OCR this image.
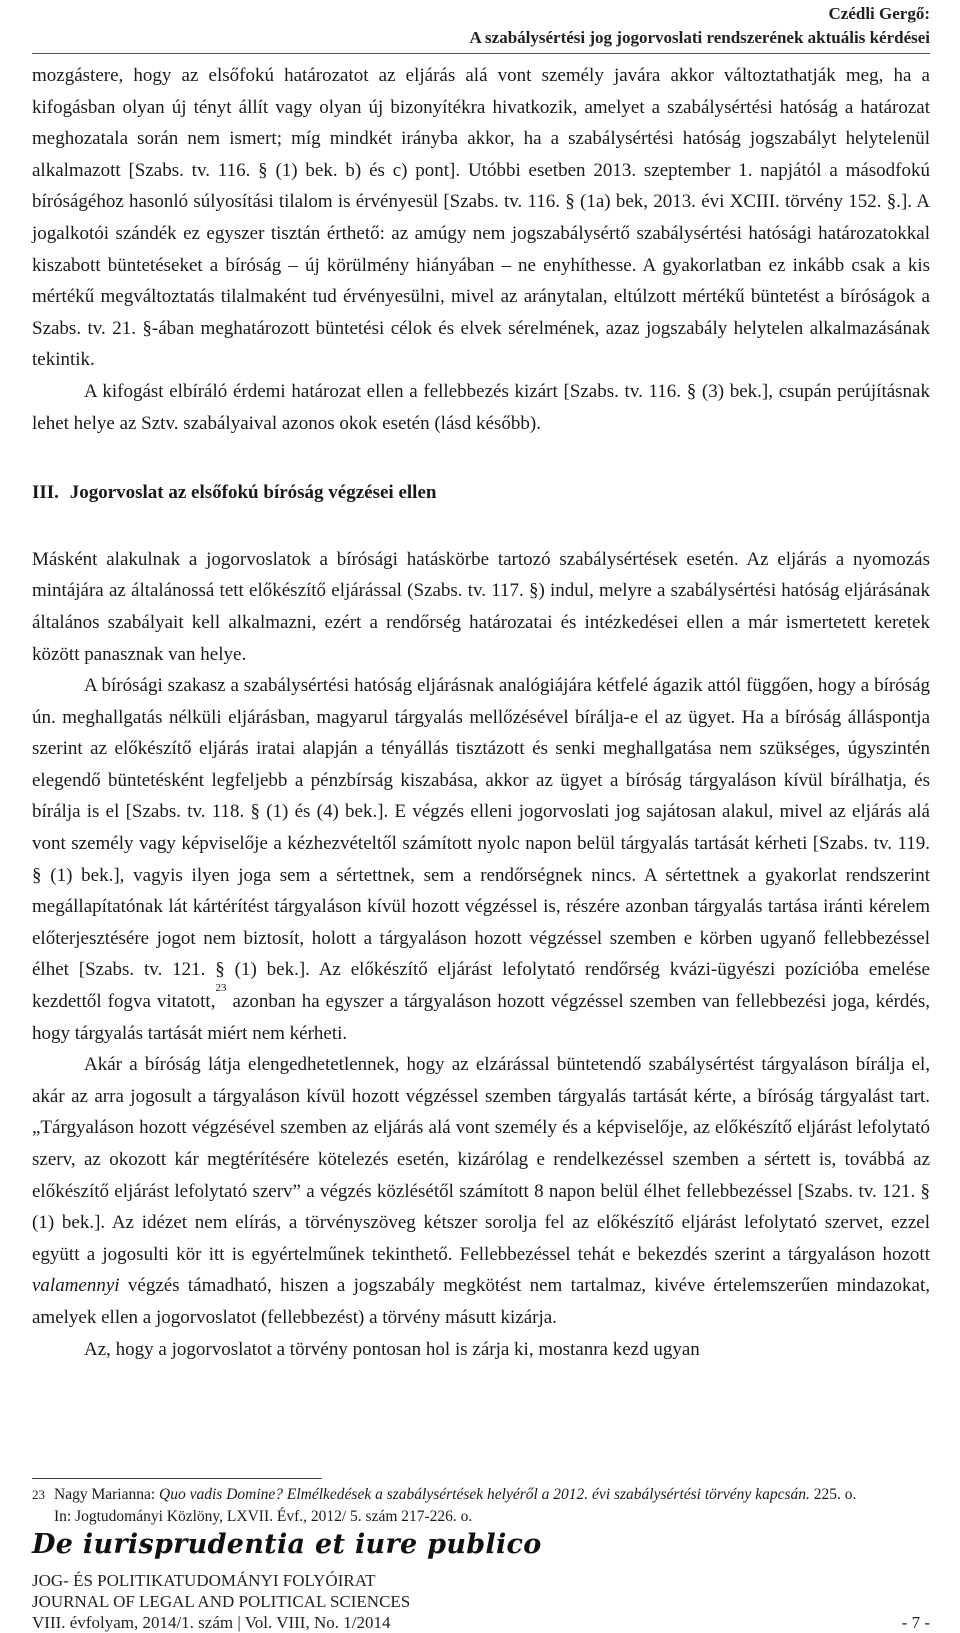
Czédli Gergő:
A szabálysértési jog jogorvoslati rendszerének aktuális kérdései

mozgástere, hogy az elsőfokú határozatot az eljárás alá vont személy javára akkor változtathatják meg, ha a kifogásban olyan új tényt állít vagy olyan új bizonyítékra hivatkozik, amelyet a szabálysértési hatóság a határozat meghozatala során nem ismert; míg mindkét irányba akkor, ha a szabálysértési hatóság jogszabályt helytelenül alkalmazott [Szabs. tv. 116. § (1) bek. b) és c) pont]. Utóbbi esetben 2013. szeptember 1. napjától a másodfokú bíróságéhoz hasonló súlyosítási tilalom is érvényesül [Szabs. tv. 116. § (1a) bek, 2013. évi XCIII. törvény 152. §.]. A jogalkotói szándék ez egyszer tisztán érthető: az amúgy nem jogszabálysértő szabálysértési hatósági határozatokkal kiszabott büntetéseket a bíróság – új körülmény hiányában – ne enyhíthesse. A gyakorlatban ez inkább csak a kis mértékű megváltoztatás tilalmaként tud érvényesülni, mivel az aránytalan, eltúlzott mértékű büntetést a bíróságok a Szabs. tv. 21. §-ában meghatározott büntetési célok és elvek sérelmének, azaz jogszabály helytelen alkalmazásának tekintik.

A kifogást elbíráló érdemi határozat ellen a fellebbezés kizárt [Szabs. tv. 116. § (3) bek.], csupán perújításnak lehet helye az Sztv. szabályaival azonos okok esetén (lásd később).

III. Jogorvoslat az elsőfokú bíróság végzései ellen

Másként alakulnak a jogorvoslatok a bírósági hatáskörbe tartozó szabálysértések esetén. Az eljárás a nyomozás mintájára az általánossá tett előkészítő eljárással (Szabs. tv. 117. §) indul, melyre a szabálysértési hatóság eljárásának általános szabályait kell alkalmazni, ezért a rendőrség határozatai és intézkedései ellen a már ismertetett keretek között panasznak van helye.

A bírósági szakasz a szabálysértési hatóság eljárásnak analógiájára kétfelé ágazik attól függően, hogy a bíróság ún. meghallgatás nélküli eljárásban, magyarul tárgyalás mellőzésével bírálja-e el az ügyet. Ha a bíróság álláspontja szerint az előkészítő eljárás iratai alapján a tényállás tisztázott és senki meghallgatása nem szükséges, úgyszintén elegendő büntetésként legfeljebb a pénzbírság kiszabása, akkor az ügyet a bíróság tárgyaláson kívül bírálhatja, és bírálja is el [Szabs. tv. 118. § (1) és (4) bek.]. E végzés elleni jogorvoslati jog sajátosan alakul, mivel az eljárás alá vont személy vagy képviselője a kézhezvételtől számított nyolc napon belül tárgyalás tartását kérheti [Szabs. tv. 119. § (1) bek.], vagyis ilyen joga sem a sértettnek, sem a rendőrségnek nincs. A sértettnek a gyakorlat rendszerint megállapítatónak lát kártérítést tárgyaláson kívül hozott végzéssel is, részére azonban tárgyalás tartása iránti kérelem előterjesztésére jogot nem biztosít, holott a tárgyaláson hozott végzéssel szemben e körben ugyanő fellebbezéssel élhet [Szabs. tv. 121. § (1) bek.]. Az előkészítő eljárást lefolytató rendőrség kvázi-ügyészi pozícióba emelése kezdettől fogva vitatott,$^{23}$ azonban ha egyszer a tárgyaláson hozott végzéssel szemben van fellebbezési joga, kérdés, hogy tárgyalás tartását miért nem kérheti.

Akár a bíróság látja elengedhetetlennek, hogy az elzárással büntetendő szabálysértést tárgyaláson bírálja el, akár az arra jogosult a tárgyaláson kívül hozott végzéssel szemben tárgyalás tartását kérte, a bíróság tárgyalást tart. „Tárgyaláson hozott végzésével szemben az eljárás alá vont személy és a képviselője, az előkészítő eljárást lefolytató szerv, az okozott kár megtérítésére kötelezés esetén, kizárólag e rendelkezéssel szemben a sértett is, továbbá az előkészítő eljárást lefolytató szerv” a végzés közlésétől számított 8 napon belül élhet fellebbezéssel [Szabs. tv. 121. § (1) bek.]. Az idézet nem elírás, a törvényszöveg kétszer sorolja fel az előkészítő eljárást lefolytató szervet, ezzel együtt a jogosulti kör itt is egyértelműnek tekinthető. Fellebbezéssel tehát e bekezdés szerint a tárgyaláson hozott valamennyi végzés támadható, hiszen a jogszabály megkötést nem tartalmaz, kivéve értelemszerűen mindazokat, amelyek ellen a jogorvoslatot (fellebbezést) a törvény másutt kizárja.

Az, hogy a jogorvoslatot a törvény pontosan hol is zárja ki, mostanra kezd ugyan

23 Nagy Marianna: Quo vadis Domine? Elmélkedések a szabálysértések helyéről a 2012. évi szabálysértési törvény kapcsán. 225. o.
In: Jogtudományi Közlöny, LXVII. Évf., 2012/ 5. szám 217-226. o.
De iurisprudentia et iure publico
JOG- ÉS POLITIKATUDOMÁNYI FOLYÓIRAT
JOURNAL OF LEGAL AND POLITICAL SCIENCES
VIII. évfolyam, 2014/1. szám | Vol. VIII, No. 1/2014	- 7 -
